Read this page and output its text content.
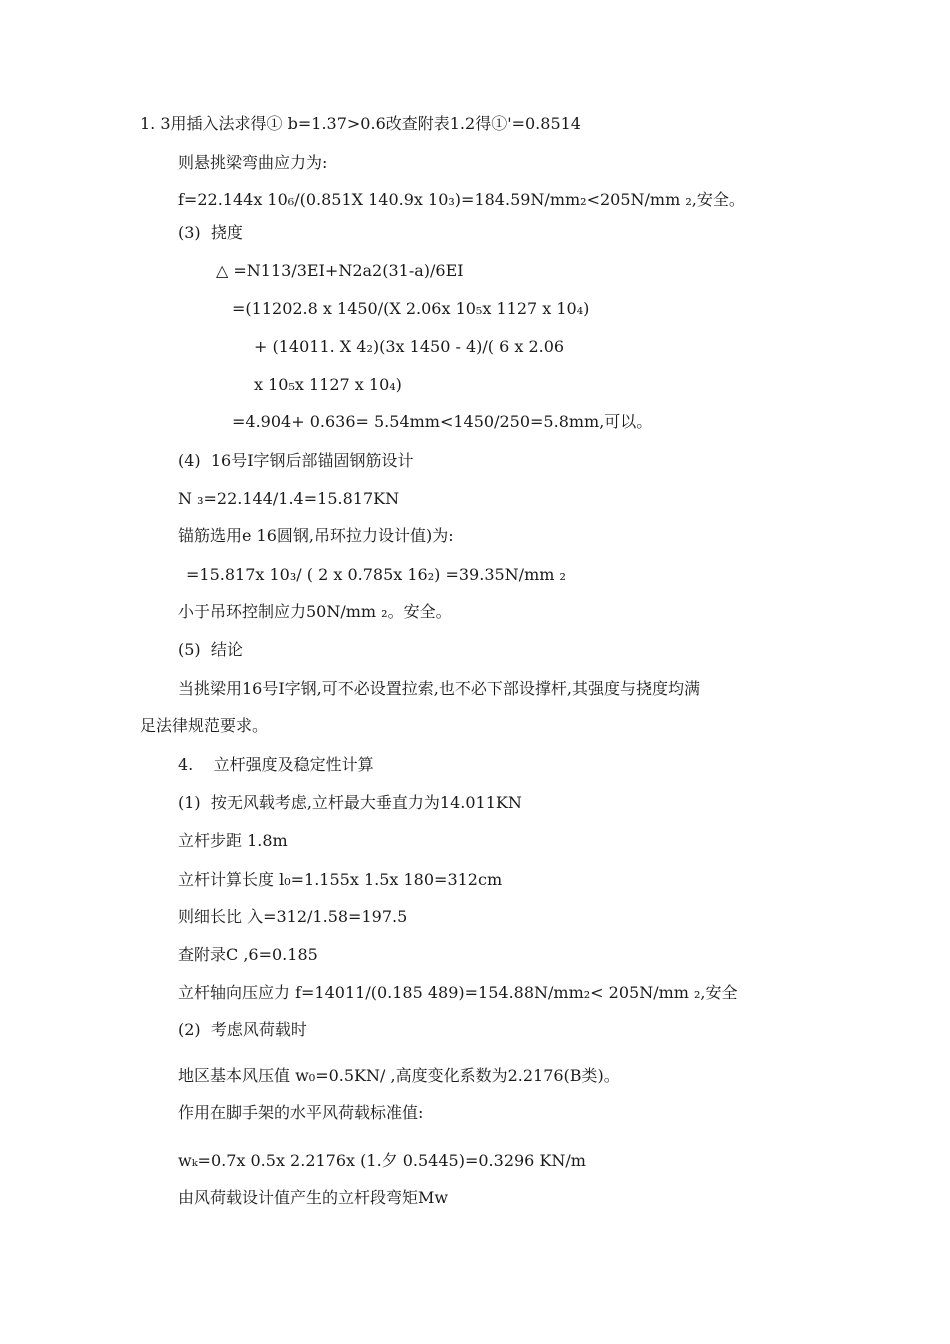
1. 3用插入法求得① b=1.37>0.6改查附表1.2得①'=0.8514
则悬挑梁弯曲应力为:
f=22.144x 10₆/(0.851X 140.9x 10₃)=184.59N/mm₂<205N/mm ₂,安全。
(3)  挠度
△ =N113/3EI+N2a2(31-a)/6EI
=(11202.8 x 1450/(X 2.06x 10₅x 1127 x 10₄)
+ (14011. X 4₂)(3x 1450 - 4)/( 6 x 2.06
x 10₅x 1127 x 10₄)
=4.904+ 0.636= 5.54mm<1450/250=5.8mm,可以。
(4)  16号I字钢后部锚固钢筋设计
N ₃=22.144/1.4=15.817KN
锚筋选用e 16圆钢,吊环拉力设计值)为:
=15.817x 10₃/ ( 2 x 0.785x 16₂) =39.35N/mm ₂
小于吊环控制应力50N/mm ₂。安全。
(5)  结论
当挑梁用16号I字钢,可不必设置拉索,也不必下部设撑杆,其强度与挠度均满
足法律规范要求。
4.    立杆强度及稳定性计算
(1)  按无风载考虑,立杆最大垂直力为14.011KN
立杆步距 1.8m
立杆计算长度 l₀=1.155x 1.5x 180=312cm
则细长比 入=312/1.58=197.5
查附录C ,6=0.185
立杆轴向压应力 f=14011/(0.185 489)=154.88N/mm₂< 205N/mm ₂,安全
(2)  考虑风荷载时
地区基本风压值 w₀=0.5KN/ ,高度变化系数为2.2176(B类)。
作用在脚手架的水平风荷载标准值:
wₖ=0.7x 0.5x 2.2176x (1.夕 0.5445)=0.3296 KN/m
由风荷载设计值产生的立杆段弯矩Mw
